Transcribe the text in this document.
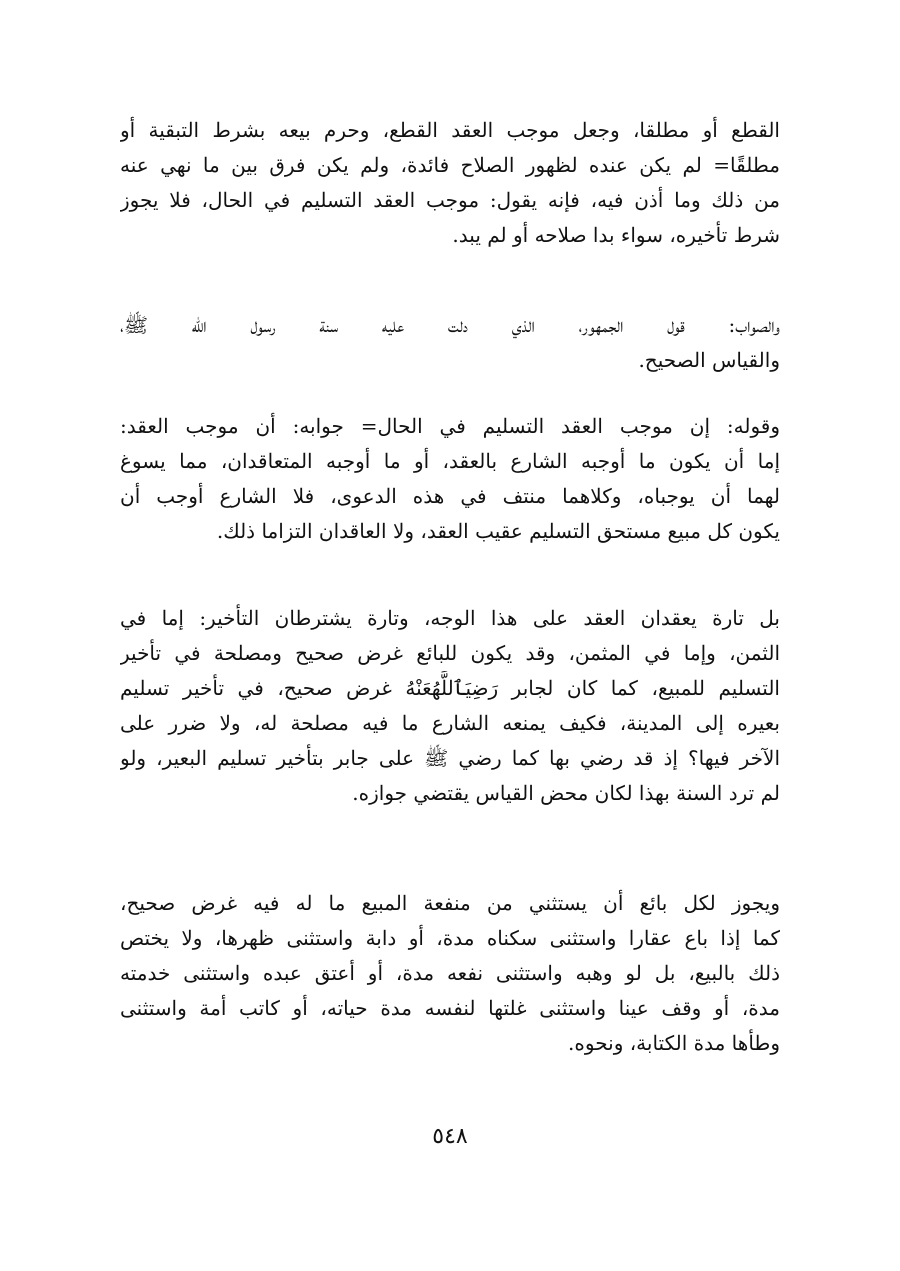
القطع أو مطلقا، وجعل موجب العقد القطع، وحرم بيعه بشرط التبقية أو
مطلقًا= لم يكن عنده لظهور الصلاح فائدة، ولم يكن فرق بين ما نهي عنه
من ذلك وما أذن فيه، فإنه يقول: موجب العقد التسليم في الحال، فلا يجوز
شرط تأخيره، سواء بدا صلاحه أو لم يبد.
والصواب: قول الجمهور، الذي دلت عليه سنة رسول الله ﷺ،
والقياس الصحيح.
وقوله: إن موجب العقد التسليم في الحال= جوابه: أن موجب العقد:
إما أن يكون ما أوجبه الشارع بالعقد، أو ما أوجبه المتعاقدان، مما يسوغ
لهما أن يوجباه، وكلاهما منتف في هذه الدعوى، فلا الشارع أوجب أن
يكون كل مبيع مستحق التسليم عقيب العقد، ولا العاقدان التزاما ذلك.
بل تارة يعقدان العقد على هذا الوجه، وتارة يشترطان التأخير: إما في
الثمن، وإما في المثمن، وقد يكون للبائع غرض صحيح ومصلحة في تأخير
التسليم للمبيع، كما كان لجابر رَضِيَٱللَّهُعَنْهُ غرض صحيح، في تأخير تسليم
بعيره إلى المدينة، فكيف يمنعه الشارع ما فيه مصلحة له، ولا ضرر على
الآخر فيها؟ إذ قد رضي بها كما رضي ﷺ على جابر بتأخير تسليم البعير، ولو
لم ترد السنة بهذا لكان محض القياس يقتضي جوازه.
ويجوز لكل بائع أن يستثني من منفعة المبيع ما له فيه غرض صحيح،
كما إذا باع عقارا واستثنى سكناه مدة، أو دابة واستثنى ظهرها، ولا يختص
ذلك بالبيع، بل لو وهبه واستثنى نفعه مدة، أو أعتق عبده واستثنى خدمته
مدة، أو وقف عينا واستثنى غلتها لنفسه مدة حياته، أو كاتب أمة واستثنى
وطأها مدة الكتابة، ونحوه.
٥٤٨
